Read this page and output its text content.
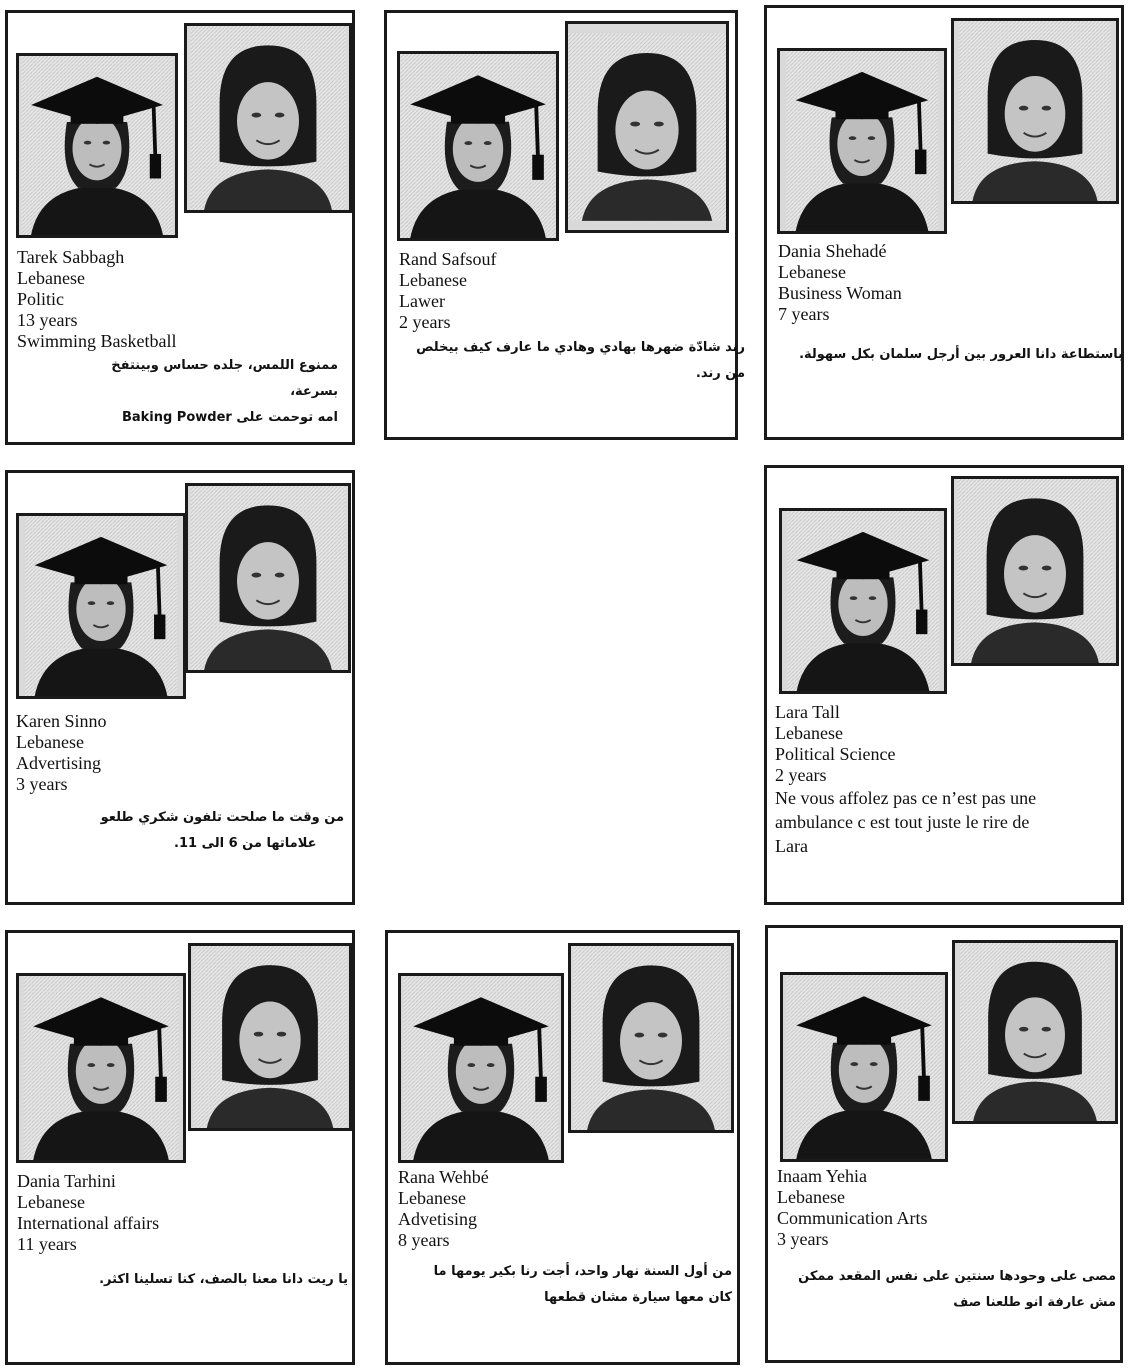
Tarek Sabbagh
Lebanese
Politic
13 years
Swimming Basketball
ممنوع اللمس، جلده حساس وبينتفخ بسرعة،
امه توحمت على Baking Powder
Rand Safsouf
Lebanese
Lawer
2 years
رند شادّة ضهرها بهادي وهادي ما عارف كيف بيخلص
من رند.
Dania Shehadé
Lebanese
Business Woman
7 years
باستطاعة دانا العرور بين أرجل سلمان بكل سهولة.
Karen Sinno
Lebanese
Advertising
3 years
من وقت ما صلحت تلفون شكري طلعو
علاماتها من 6 الى 11.
Lara Tall
Lebanese
Political Science
2 years
Ne vous affolez pas ce n’est pas une
ambulance c est tout juste le rire de
Lara
Dania Tarhini
Lebanese
International affairs
11 years
يا ريت دانا معنا بالصف، كنا تسلينا اكثر.
Rana Wehbé
Lebanese
Advetising
8 years
من أول السنة نهار واحد، أجت رنا بكير يومها ما
كان معها سيارة مشان قطعها
Inaam Yehia
Lebanese
Communication Arts
3 years
مصى على وحودها سنتين على نفس المقعد ممكن
مش عارفة انو طلعنا صف
